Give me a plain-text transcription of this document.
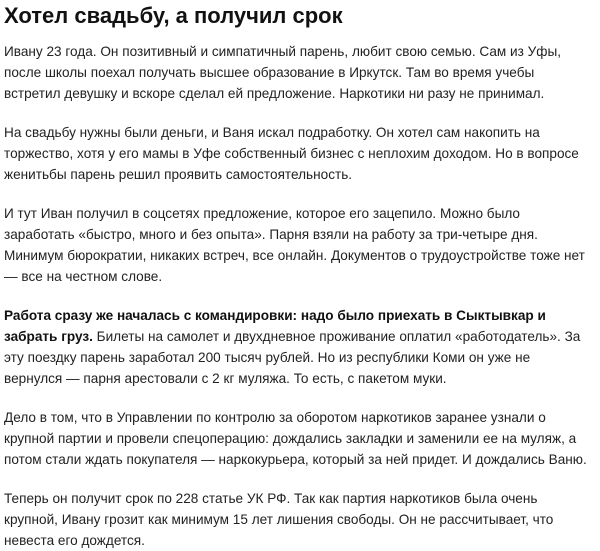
Хотел свадьбу, а получил срок

Ивану 23 года. Он позитивный и симпатичный парень, любит свою семью. Сам из Уфы, после школы поехал получать высшее образование в Иркутск. Там во время учебы встретил девушку и вскоре сделал ей предложение. Наркотики ни разу не принимал.

На свадьбу нужны были деньги, и Ваня искал подработку. Он хотел сам накопить на торжество, хотя у его мамы в Уфе собственный бизнес с неплохим доходом. Но в вопросе женитьбы парень решил проявить самостоятельность.

И тут Иван получил в соцсетях предложение, которое его зацепило. Можно было заработать «быстро, много и без опыта». Парня взяли на работу за три-четыре дня. Минимум бюрократии, никаких встреч, все онлайн. Документов о трудоустройстве тоже нет — все на честном слове.

Работа сразу же началась с командировки: надо было приехать в Сыктывкар и забрать груз. Билеты на самолет и двухдневное проживание оплатил «работодатель». За эту поездку парень заработал 200 тысяч рублей. Но из республики Коми он уже не вернулся — парня арестовали с 2 кг муляжа. То есть, с пакетом муки.

Дело в том, что в Управлении по контролю за оборотом наркотиков заранее узнали о крупной партии и провели спецоперацию: дождались закладки и заменили ее на муляж, а потом стали ждать покупателя — наркокурьера, который за ней придет. И дождались Ваню.

Теперь он получит срок по 228 статье УК РФ. Так как партия наркотиков была очень крупной, Ивану грозит как минимум 15 лет лишения свободы. Он не рассчитывает, что невеста его дождется.
